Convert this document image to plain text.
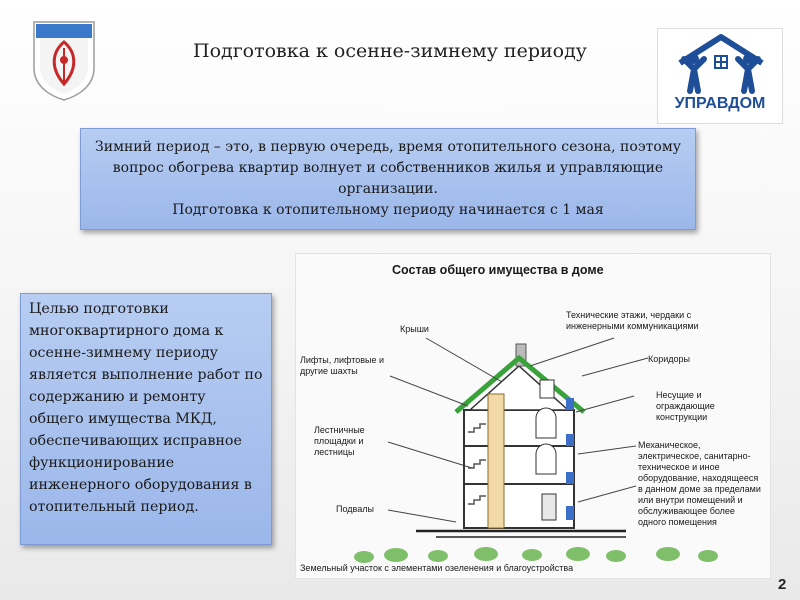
Подготовка к осенне-зимнему периоду
УПРАВДОМ
Зимний период – это, в первую очередь, время отопительного сезона, поэтому вопрос обогрева квартир волнует и собственников жилья и управляющие организации.
Подготовка к отопительному периоду начинается с 1 мая

Целью подготовки многоквартирного дома к осенне-зимнему периоду является выполнение работ по содержанию и ремонту общего имущества МКД, обеспечивающих исправное функционирование инженерного оборудования в отопительный период.

Состав общего имущества в доме
Крыши
Технические этажи, чердаки с инженерными коммуникациями
Лифты, лифтовые и другие шахты
Коридоры
Несущие и ограждающие конструкции
Лестничные площадки и лестницы
Механическое, электрическое, санитарно-техническое и иное оборудование, находящееся в данном доме за пределами или внутри помещений и обслуживающее более одного помещения
Подвалы
Земельный участок с элементами озеленения и благоустройства
2
